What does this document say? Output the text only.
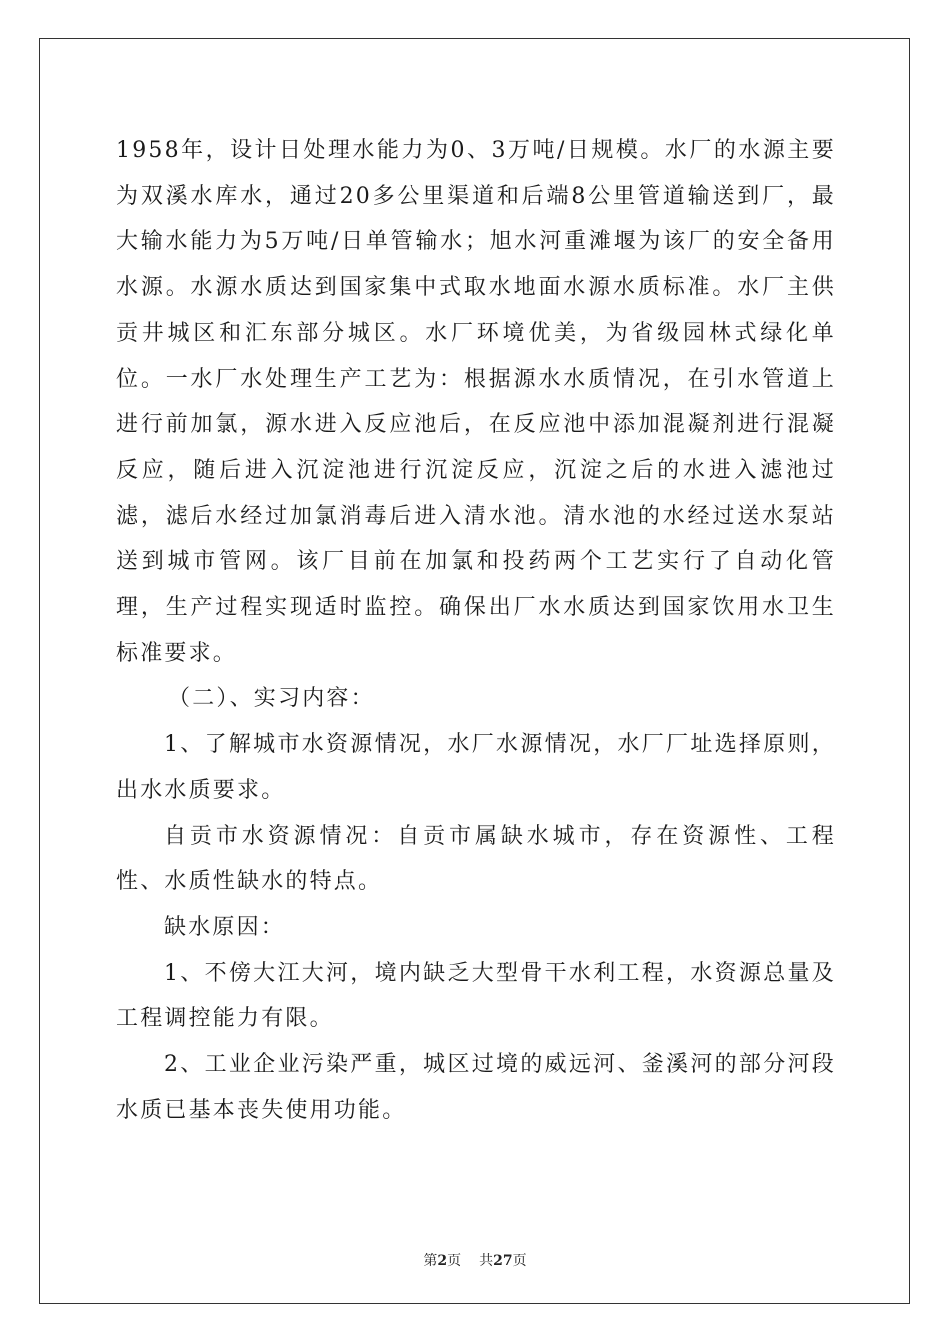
1958年，设计日处理水能力为0、3万吨/日规模。水厂的水源主要为双溪水库水，通过20多公里渠道和后端8公里管道输送到厂，最大输水能力为5万吨/日单管输水；旭水河重滩堰为该厂的安全备用水源。水源水质达到国家集中式取水地面水源水质标准。水厂主供贡井城区和汇东部分城区。水厂环境优美，为省级园林式绿化单位。一水厂水处理生产工艺为：根据源水水质情况，在引水管道上进行前加氯，源水进入反应池后，在反应池中添加混凝剂进行混凝反应，随后进入沉淀池进行沉淀反应，沉淀之后的水进入滤池过滤，滤后水经过加氯消毒后进入清水池。清水池的水经过送水泵站送到城市管网。该厂目前在加氯和投药两个工艺实行了自动化管理，生产过程实现适时监控。确保出厂水水质达到国家饮用水卫生标准要求。

（二）、实习内容：

1、了解城市水资源情况，水厂水源情况，水厂厂址选择原则，出水水质要求。

自贡市水资源情况：自贡市属缺水城市，存在资源性、工程性、水质性缺水的特点。

缺水原因：

1、不傍大江大河，境内缺乏大型骨干水利工程，水资源总量及工程调控能力有限。

2、工业企业污染严重，城区过境的威远河、釜溪河的部分河段水质已基本丧失使用功能。

第2页 共27页
